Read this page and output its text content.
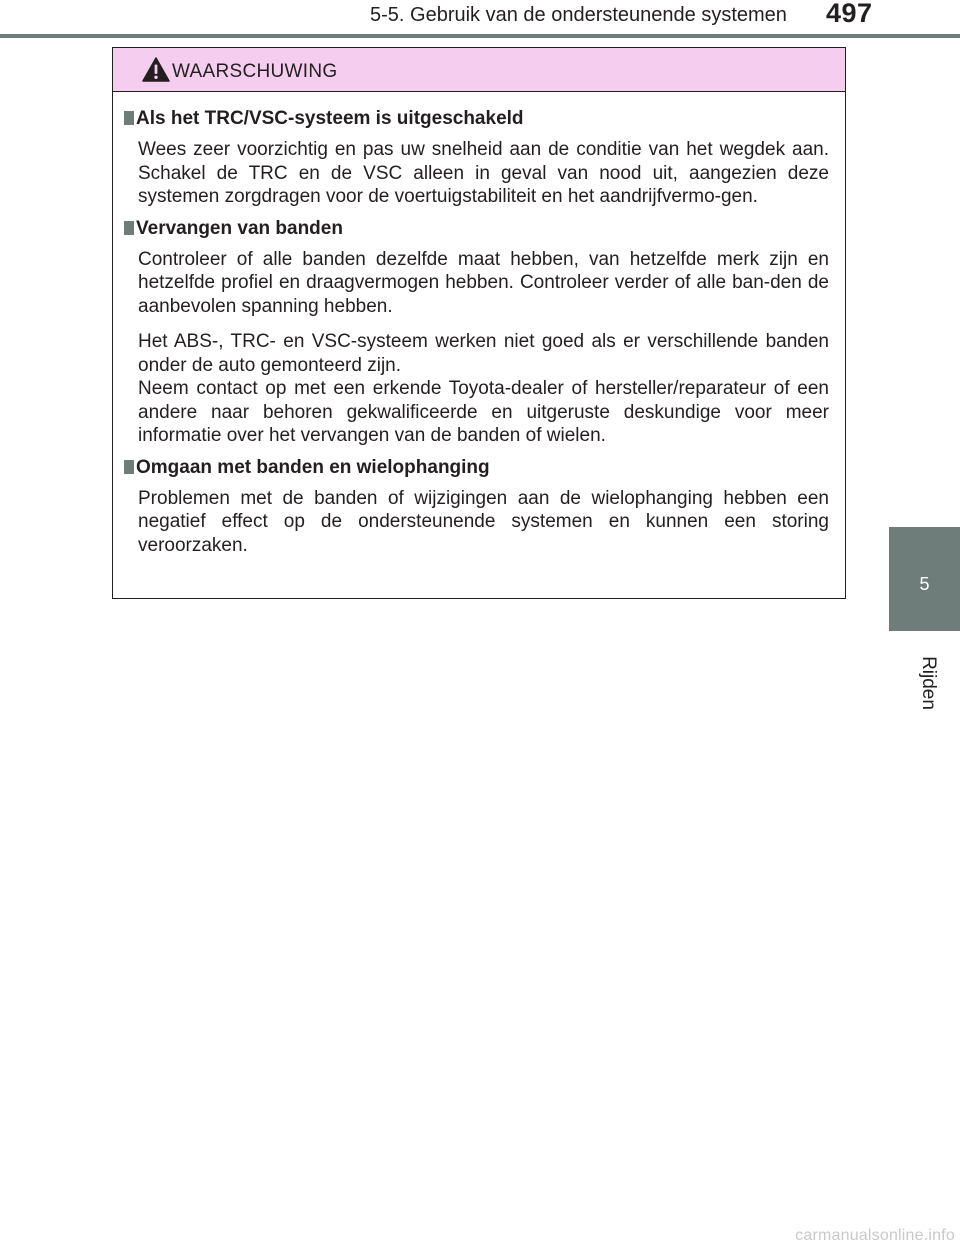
5-5. Gebruik van de ondersteunende systemen 497
5
Rijden
WAARSCHUWING
Als het TRC/VSC-systeem is uitgeschakeld
Wees zeer voorzichtig en pas uw snelheid aan de conditie van het wegdek aan. Schakel de TRC en de VSC alleen in geval van nood uit, aangezien deze systemen zorgdragen voor de voertuigstabiliteit en het aandrijfvermo-gen.
Vervangen van banden
Controleer of alle banden dezelfde maat hebben, van hetzelfde merk zijn en hetzelfde profiel en draagvermogen hebben. Controleer verder of alle ban-den de aanbevolen spanning hebben.
Het ABS-, TRC- en VSC-systeem werken niet goed als er verschillende banden onder de auto gemonteerd zijn.
Neem contact op met een erkende Toyota-dealer of hersteller/reparateur of een andere naar behoren gekwalificeerde en uitgeruste deskundige voor meer informatie over het vervangen van de banden of wielen.
Omgaan met banden en wielophanging
Problemen met de banden of wijzigingen aan de wielophanging hebben een negatief effect op de ondersteunende systemen en kunnen een storing veroorzaken.
carmanualsonline.info
